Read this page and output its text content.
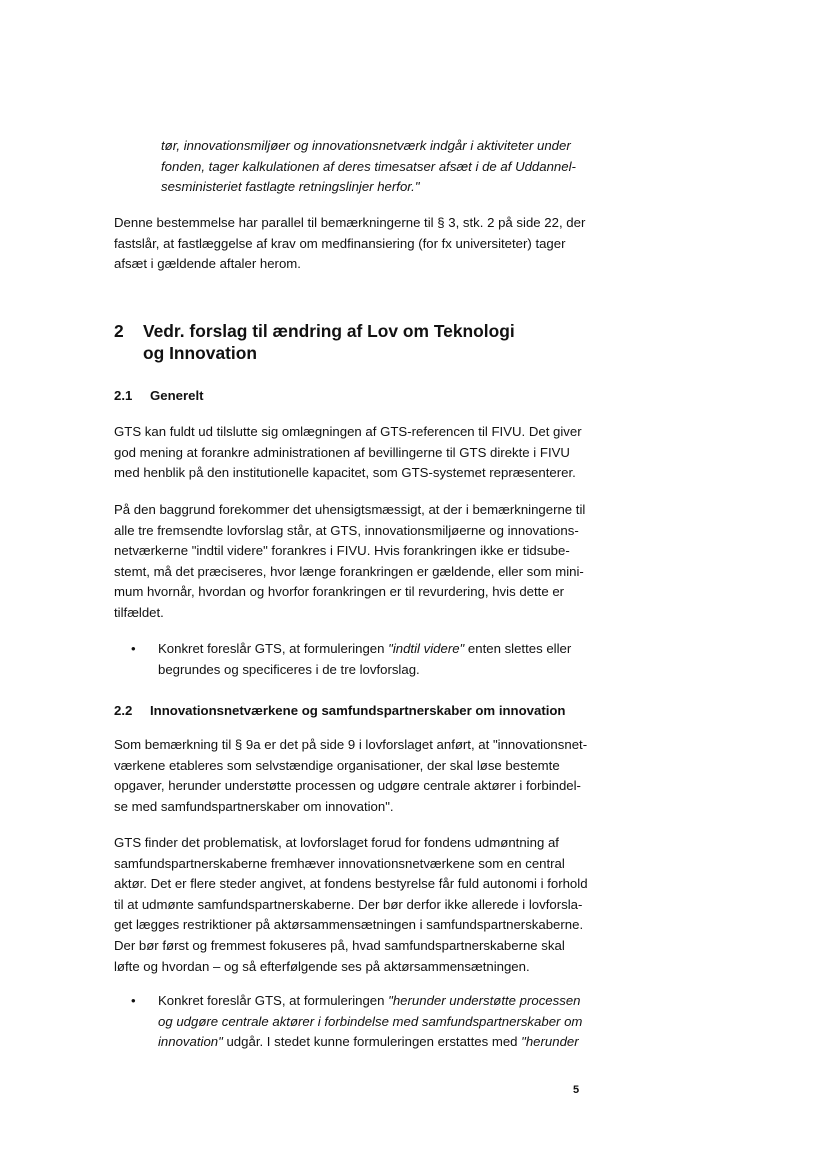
tør, innovationsmiljøer og innovationsnetværk indgår i aktiviteter under
fonden, tager kalkulationen af deres timesatser afsæt i de af Uddannel-
sesministeriet fastlagte retningslinjer herfor."
Denne bestemmelse har parallel til bemærkningerne til § 3, stk. 2 på side 22, der
fastslår, at fastlæggelse af krav om medfinansiering (for fx universiteter) tager
afsæt i gældende aftaler herom.
2 Vedr. forslag til ændring af Lov om Teknologi
og Innovation
2.1 Generelt
GTS kan fuldt ud tilslutte sig omlægningen af GTS-referencen til FIVU. Det giver
god mening at forankre administrationen af bevillingerne til GTS direkte i FIVU
med henblik på den institutionelle kapacitet, som GTS-systemet repræsenterer.
På den baggrund forekommer det uhensigtsmæssigt, at der i bemærkningerne til
alle tre fremsendte lovforslag står, at GTS, innovationsmiljøerne og innovations-
netværkerne "indtil videre" forankres i FIVU. Hvis forankringen ikke er tidsube-
stemt, må det præciseres, hvor længe forankringen er gældende, eller som mini-
mum hvornår, hvordan og hvorfor forankringen er til revurdering, hvis dette er
tilfældet.
• Konkret foreslår GTS, at formuleringen "indtil videre" enten slettes eller
begrundes og specificeres i de tre lovforslag.
2.2 Innovationsnetværkene og samfundspartnerskaber om innovation
Som bemærkning til § 9a er det på side 9 i lovforslaget anført, at "innovationsnet-
værkene etableres som selvstændige organisationer, der skal løse bestemte
opgaver, herunder understøtte processen og udgøre centrale aktører i forbindel-
se med samfundspartnerskaber om innovation".
GTS finder det problematisk, at lovforslaget forud for fondens udmøntning af
samfundspartnerskaberne fremhæver innovationsnetværkene som en central
aktør. Det er flere steder angivet, at fondens bestyrelse får fuld autonomi i forhold
til at udmønte samfundspartnerskaberne. Der bør derfor ikke allerede i lovforsla-
get lægges restriktioner på aktørsammensætningen i samfundspartnerskaberne.
Der bør først og fremmest fokuseres på, hvad samfundspartnerskaberne skal
løfte og hvordan – og så efterfølgende ses på aktørsammensætningen.
• Konkret foreslår GTS, at formuleringen "herunder understøtte processen
og udgøre centrale aktører i forbindelse med samfundspartnerskaber om
innovation" udgår. I stedet kunne formuleringen erstattes med "herunder
5
